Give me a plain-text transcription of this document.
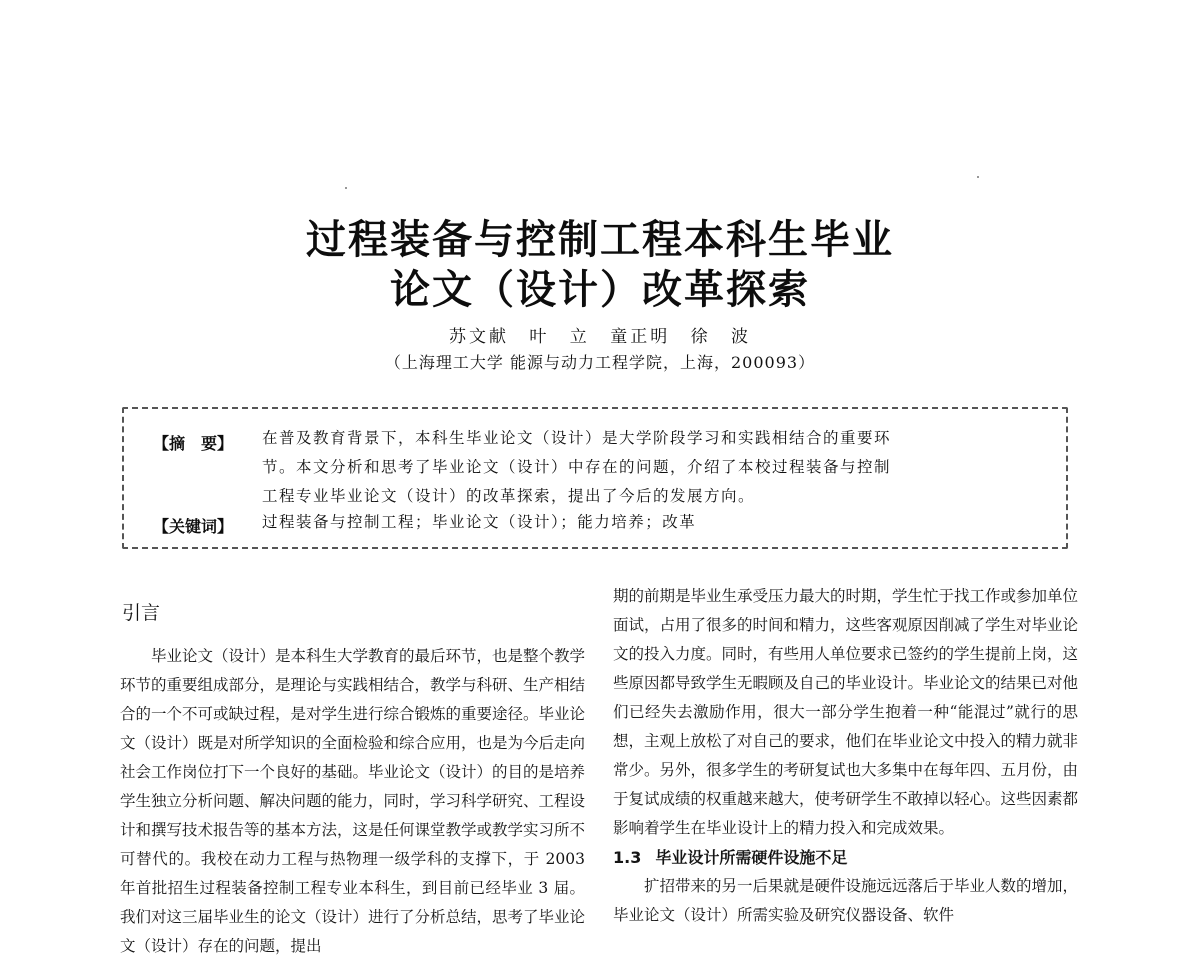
过程装备与控制工程本科生毕业
论文（设计）改革探索
苏文献 叶 立 童正明 徐 波
（上海理工大学 能源与动力工程学院，上海，200093）
【摘　要】 在普及教育背景下，本科生毕业论文（设计）是大学阶段学习和实践相结合的重要环

节。本文分析和思考了毕业论文（设计）中存在的问题，介绍了本校过程装备与控制

工程专业毕业论文（设计）的改革探索，提出了今后的发展方向。

【关键词】 过程装备与控制工程；毕业论文（设计）；能力培养；改革
引言

毕业论文（设计）是本科生大学教育的最后环节，也是整个教学环节的重要组成部分，是理论与实践相结合，教学与科研、生产相结合的一个不可或缺过程，是对学生进行综合锻炼的重要途径。毕业论文（设计）既是对所学知识的全面检验和综合应用，也是为今后走向社会工作岗位打下一个良好的基础。毕业论文（设计）的目的是培养学生独立分析问题、解决问题的能力，同时，学习科学研究、工程设计和撰写技术报告等的基本方法，这是任何课堂教学或教学实习所不可替代的。我校在动力工程与热物理一级学科的支撑下，于 2003 年首批招生过程装备控制工程专业本科生，到目前已经毕业 3 届。我们对这三届毕业生的论文（设计）进行了分析总结，思考了毕业论文（设计）存在的问题，提出

期的前期是毕业生承受压力最大的时期，学生忙于找工作或参加单位面试，占用了很多的时间和精力，这些客观原因削减了学生对毕业论文的投入力度。同时，有些用人单位要求已签约的学生提前上岗，这些原因都导致学生无暇顾及自己的毕业设计。毕业论文的结果已对他们已经失去激励作用，很大一部分学生抱着一种“能混过”就行的思想，主观上放松了对自己的要求，他们在毕业论文中投入的精力就非常少。另外，很多学生的考研复试也大多集中在每年四、五月份，由于复试成绩的权重越来越大，使考研学生不敢掉以轻心。这些因素都影响着学生在毕业设计上的精力投入和完成效果。

1.3 毕业设计所需硬件设施不足

扩招带来的另一后果就是硬件设施远远落后于毕业人数的增加，毕业论文（设计）所需实验及研究仪器设备、软件
